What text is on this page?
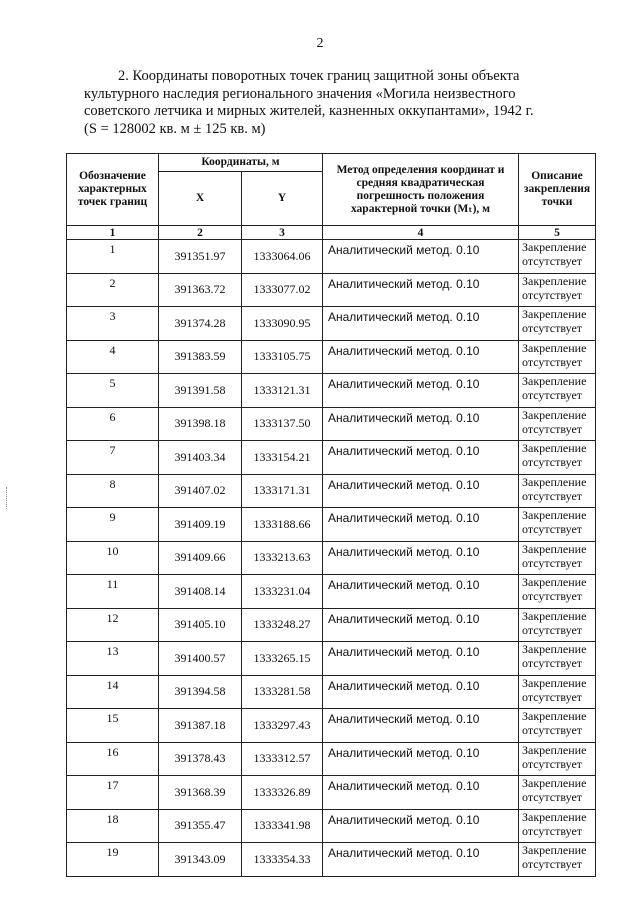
2
2. Координаты поворотных точек границ защитной зоны объекта
культурного наследия регионального значения «Могила неизвестного
советского летчика и мирных жителей, казненных оккупантами», 1942 г.
(S = 128002 кв. м ± 125 кв. м)
Обозначение характерных точек границ	Координаты, м		Метод определения координат и средняя квадратическая погрешность положения характерной точки (Mₜ), м	Описание закрепления точки

	X	Y		

1	2	3	4	5
1	391351.97	1333064.06	Аналитический метод. 0.10	Закрепление
отсутствует

2	391363.72	1333077.02	Аналитический метод. 0.10	Закрепление
отсутствует

3	391374.28	1333090.95	Аналитический метод. 0.10	Закрепление
отсутствует

4	391383.59	1333105.75	Аналитический метод. 0.10	Закрепление
отсутствует

5	391391.58	1333121.31	Аналитический метод. 0.10	Закрепление
отсутствует

6	391398.18	1333137.50	Аналитический метод. 0.10	Закрепление
отсутствует

7	391403.34	1333154.21	Аналитический метод. 0.10	Закрепление
отсутствует

8	391407.02	1333171.31	Аналитический метод. 0.10	Закрепление
отсутствует

9	391409.19	1333188.66	Аналитический метод. 0.10	Закрепление
отсутствует

10	391409.66	1333213.63	Аналитический метод. 0.10	Закрепление
отсутствует

11	391408.14	1333231.04	Аналитический метод. 0.10	Закрепление
отсутствует

12	391405.10	1333248.27	Аналитический метод. 0.10	Закрепление
отсутствует

13	391400.57	1333265.15	Аналитический метод. 0.10	Закрепление
отсутствует

14	391394.58	1333281.58	Аналитический метод. 0.10	Закрепление
отсутствует

15	391387.18	1333297.43	Аналитический метод. 0.10	Закрепление
отсутствует

16	391378.43	1333312.57	Аналитический метод. 0.10	Закрепление
отсутствует

17	391368.39	1333326.89	Аналитический метод. 0.10	Закрепление
отсутствует

18	391355.47	1333341.98	Аналитический метод. 0.10	Закрепление
отсутствует

19	391343.09	1333354.33	Аналитический метод. 0.10	Закрепление
отсутствует
